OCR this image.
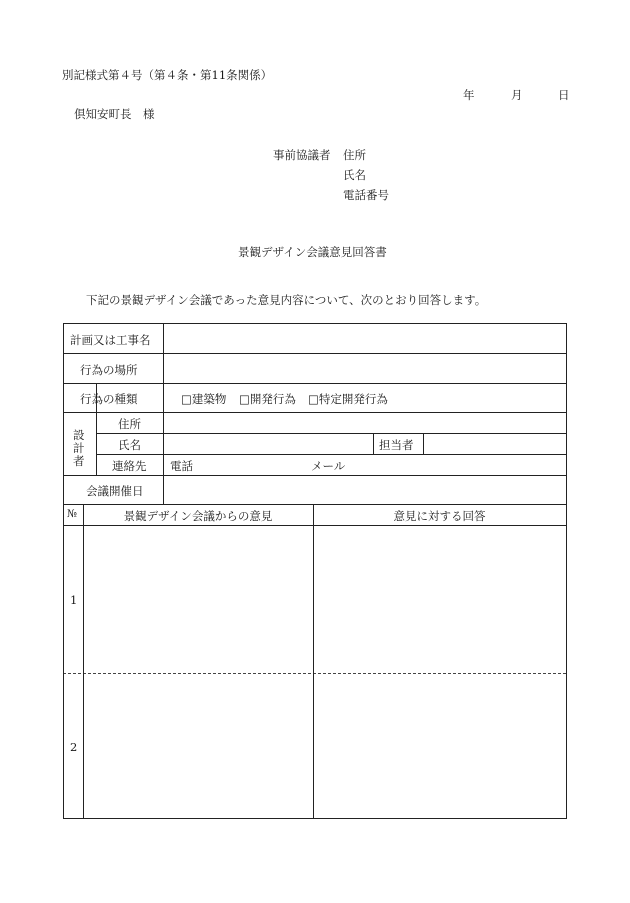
別記様式第４号（第４条・第11条関係）
年	月	日
倶知安町長　様
事前協議者 住所
氏名
電話番号
景観デザイン会議意見回答書
下記の景観デザイン会議であった意見内容について、次のとおり回答します。
計画又は工事名
行為の場所
行為の種類	□建築物 □開発行為 □特定開発行為
設
計
者
住所
氏名	担当者
連絡先 電話	メール
会議開催日
№	景観デザイン会議からの意見	意見に対する回答
1
2
